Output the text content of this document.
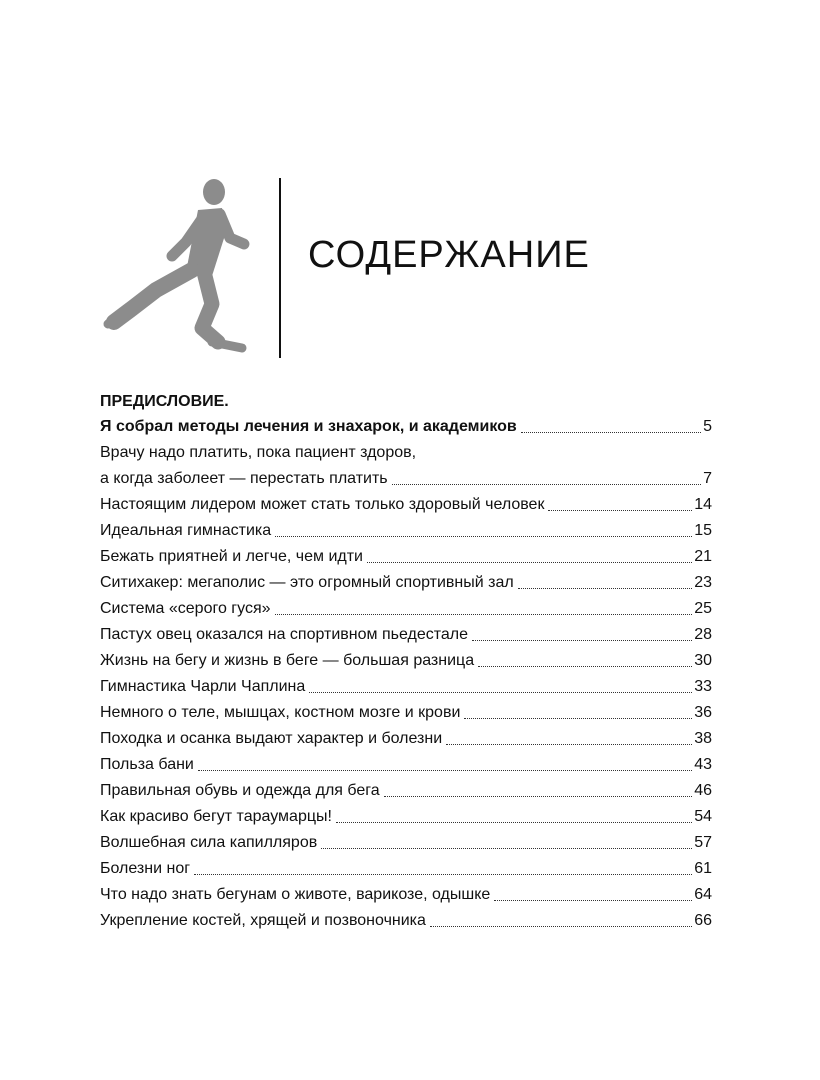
СОДЕРЖАНИЕ
ПРЕДИСЛОВИЕ.
Я собрал методы лечения и знахарок, и академиков	5
Врачу надо платить, пока пациент здоров,
а когда заболеет — перестать платить	7
Настоящим лидером может стать только здоровый человек	14
Идеальная гимнастика	15
Бежать приятней и легче, чем идти	21
Ситихакер: мегаполис — это огромный спортивный зал	23
Система «серого гуся»	25
Пастух овец оказался на спортивном пьедестале	28
Жизнь на бегу и жизнь в беге — большая разница	30
Гимнастика Чарли Чаплина	33
Немного о теле, мышцах, костном мозге и крови	36
Походка и осанка выдают характер и болезни	38
Польза бани	43
Правильная обувь и одежда для бега	46
Как красиво бегут тараумарцы!	54
Волшебная сила капилляров	57
Болезни ног	61
Что надо знать бегунам о животе, варикозе, одышке	64
Укрепление костей, хрящей и позвоночника	66
